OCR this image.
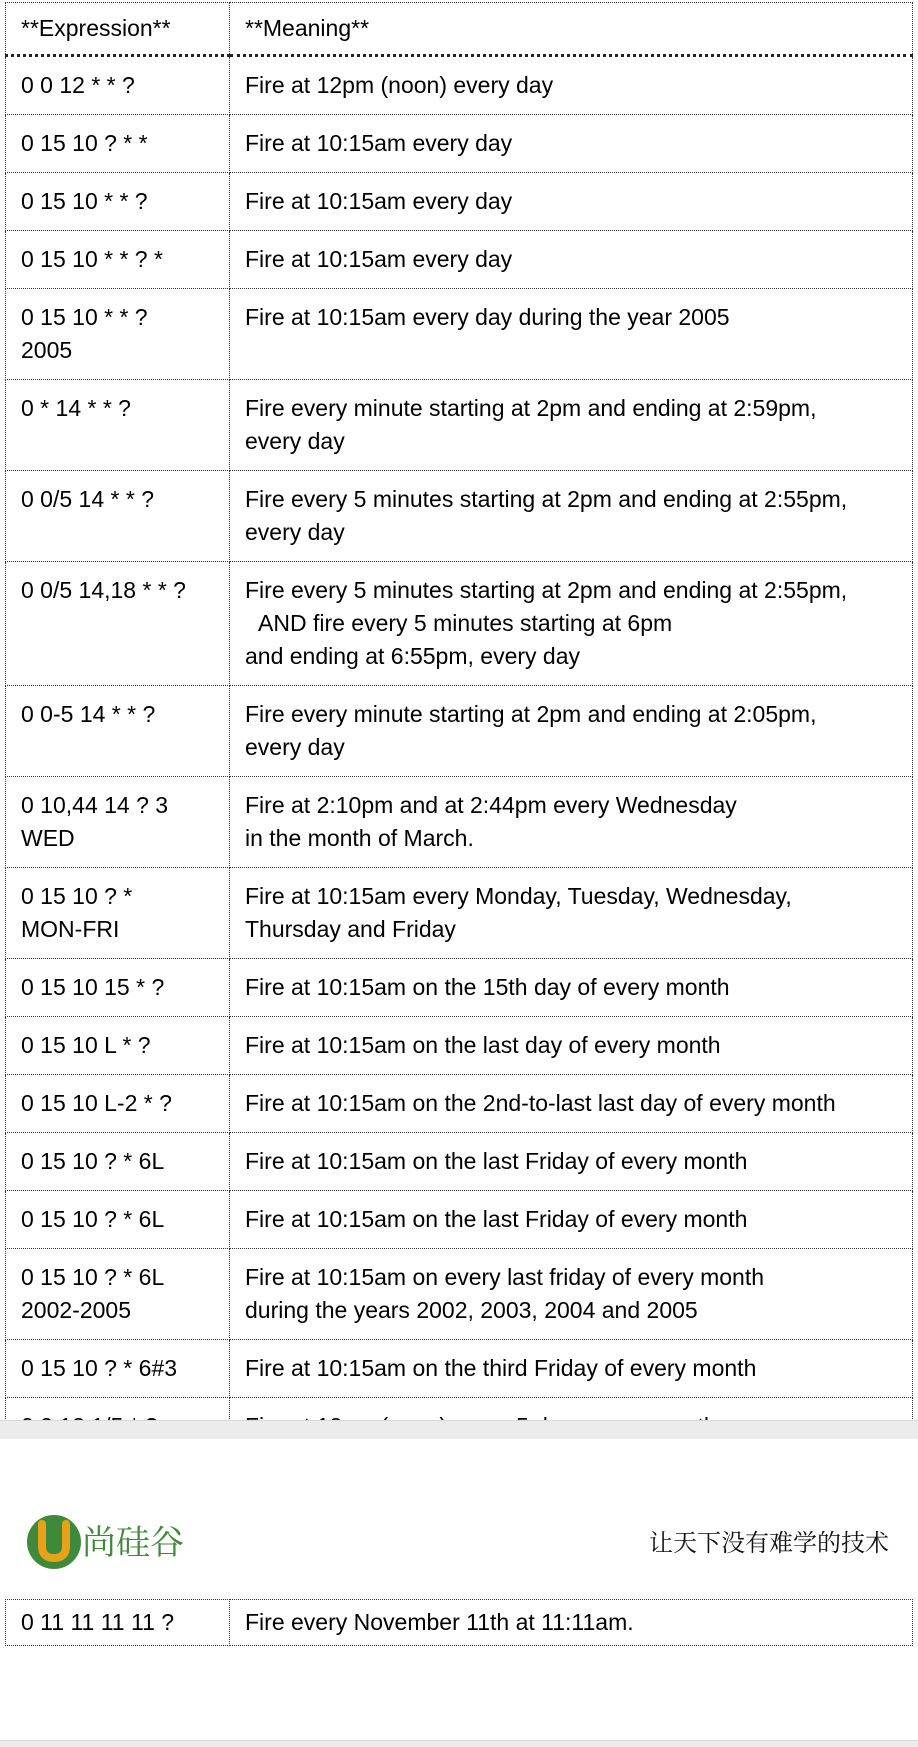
**Expression**	**Meaning**

0 0 12 * * ?	Fire at 12pm (noon) every day

0 15 10 ? * *	Fire at 10:15am every day

0 15 10 * * ?	Fire at 10:15am every day

0 15 10 * * ? *	Fire at 10:15am every day

0 15 10 * * ?
2005	Fire at 10:15am every day during the year 2005

0 * 14 * * ?	Fire every minute starting at 2pm and ending at 2:59pm,
every day

0 0/5 14 * * ?	Fire every 5 minutes starting at 2pm and ending at 2:55pm,
every day

0 0/5 14,18 * * ?	Fire every 5 minutes starting at 2pm and ending at 2:55pm,
AND fire every 5 minutes starting at 6pm
and ending at 6:55pm, every day

0 0-5 14 * * ?	Fire every minute starting at 2pm and ending at 2:05pm,
every day

0 10,44 14 ? 3
WED	Fire at 2:10pm and at 2:44pm every Wednesday
in the month of March.

0 15 10 ? *
MON-FRI	Fire at 10:15am every Monday, Tuesday, Wednesday,
Thursday and Friday

0 15 10 15 * ?	Fire at 10:15am on the 15th day of every month

0 15 10 L * ?	Fire at 10:15am on the last day of every month

0 15 10 L-2 * ?	Fire at 10:15am on the 2nd-to-last last day of every month

0 15 10 ? * 6L	Fire at 10:15am on the last Friday of every month

0 15 10 ? * 6L	Fire at 10:15am on the last Friday of every month

0 15 10 ? * 6L
2002-2005	Fire at 10:15am on every last friday of every month
during the years 2002, 2003, 2004 and 2005

0 15 10 ? * 6#3	Fire at 10:15am on the third Friday of every month

尚硅谷	让天下没有难学的技术
0 11 11 11 11 ?	Fire every November 11th at 11:11am.
